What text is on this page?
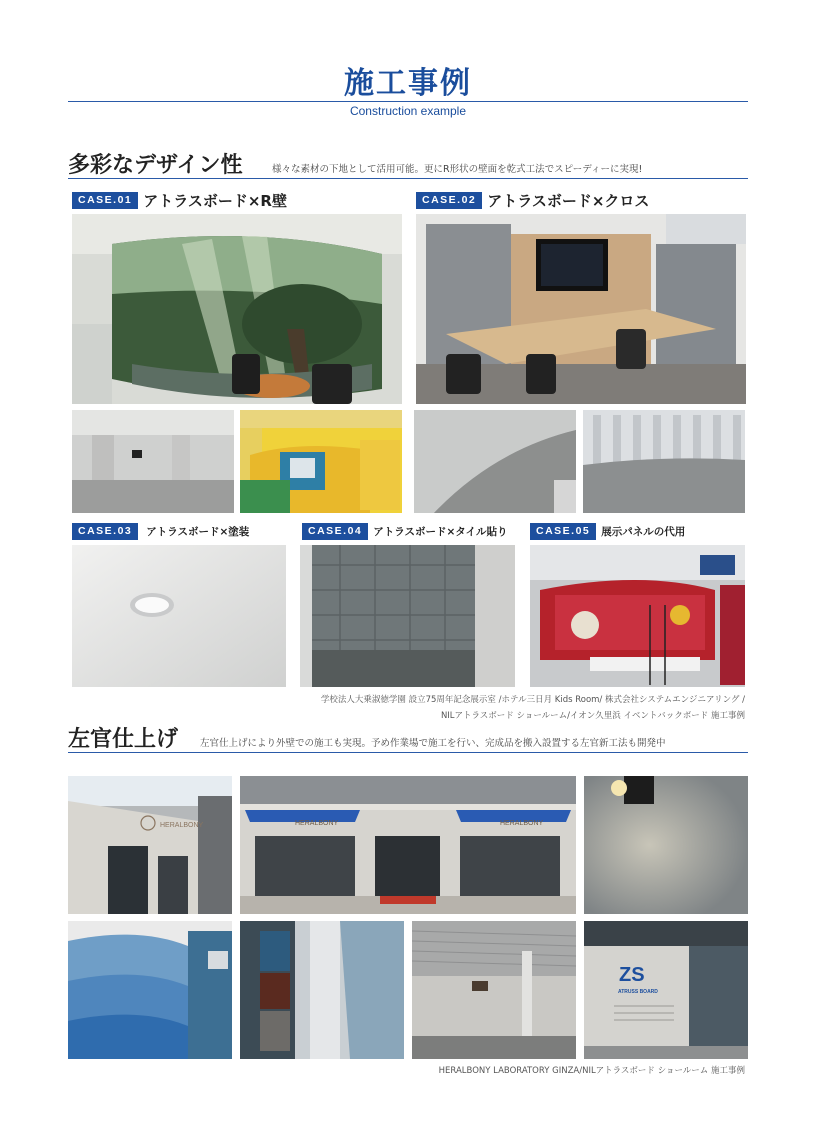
施工事例
Construction example
多彩なデザイン性	様々な素材の下地として活用可能。更にR形状の壁面を乾式工法でスピーディーに実現!
CASE.01 アトラスボード×R壁	CASE.02 アトラスボード×クロス
CASE.03	アトラスボード×塗装	CASE.04	アトラスボード×タイル貼り	CASE.05	展示パネルの代用
学校法人大乗淑徳学園 設立75周年記念展示室 /ホテル三日月 Kids Room/ 株式会社システムエンジニアリング /
NILアトラスボード ショールーム/イオン久里浜 イベントバックボード 施工事例
左官仕上げ 左官仕上げにより外壁での施工も実現。予め作業場で施工を行い、完成品を搬入設置する左官新工法も開発中
HERALBONY	HERALBONY	HERALBONY
ZS
ATRUSS BOARD
HERALBONY LABORATORY GINZA/NILアトラスボード ショールーム 施工事例
